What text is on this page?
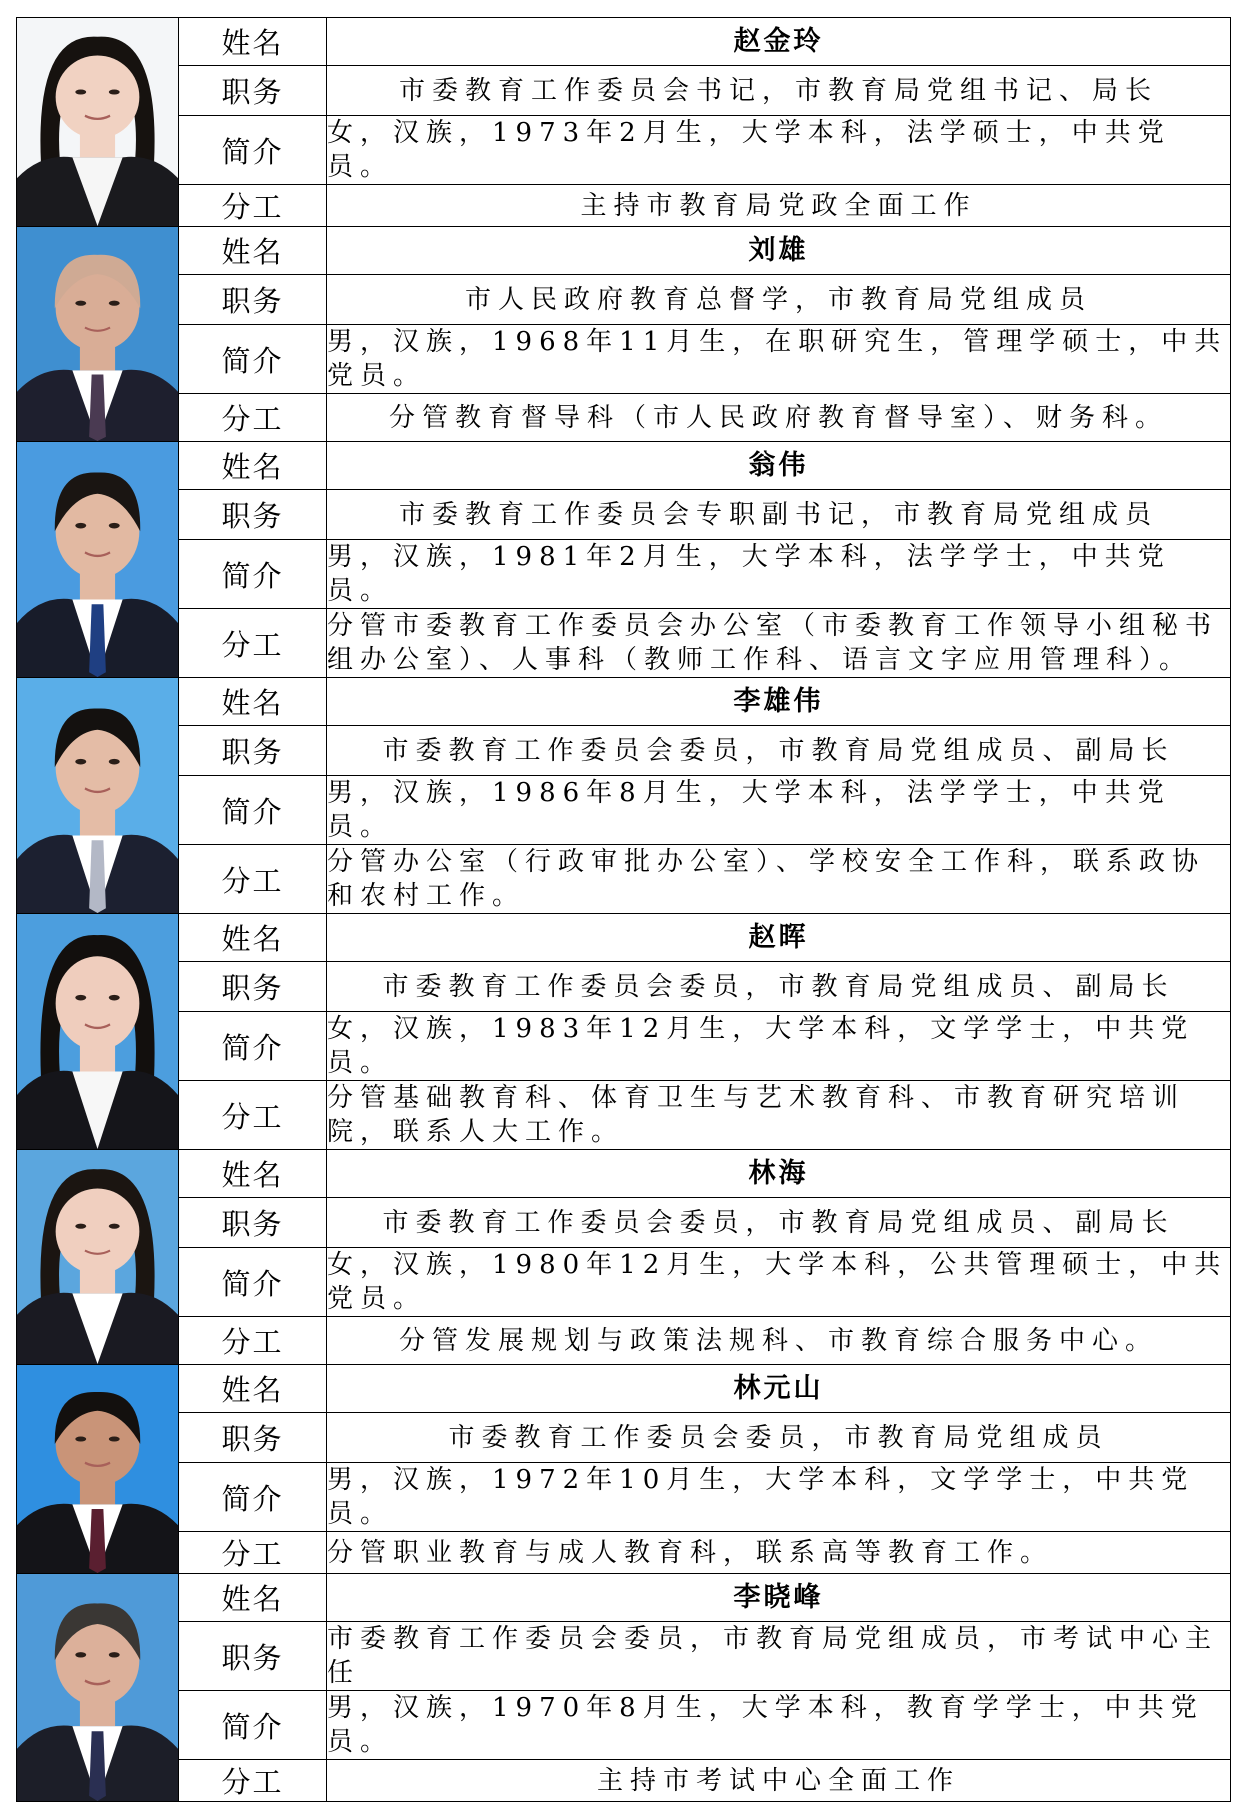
	姓名	赵金玲
	职务	市委教育工作委员会书记，市教育局党组书记、局长
	简介	女，汉族，1973年2月生，大学本科，法学硕士，中共党员。
	分工	主持市教育局党政全面工作

	姓名	刘雄
	职务	市人民政府教育总督学，市教育局党组成员
	简介	男，汉族，1968年11月生，在职研究生，管理学硕士，中共党员。
	分工	分管教育督导科（市人民政府教育督导室）、财务科。

	姓名	翁伟
	职务	市委教育工作委员会专职副书记，市教育局党组成员
	简介	男，汉族，1981年2月生，大学本科，法学学士，中共党员。
	分工	分管市委教育工作委员会办公室（市委教育工作领导小组秘书组办公室）、人事科（教师工作科、语言文字应用管理科）。

	姓名	李雄伟
	职务	市委教育工作委员会委员，市教育局党组成员、副局长
	简介	男，汉族，1986年8月生，大学本科，法学学士，中共党员。
	分工	分管办公室（行政审批办公室）、学校安全工作科，联系政协和农村工作。

	姓名	赵晖
	职务	市委教育工作委员会委员，市教育局党组成员、副局长
	简介	女，汉族，1983年12月生，大学本科，文学学士，中共党员。
	分工	分管基础教育科、体育卫生与艺术教育科、市教育研究培训院，联系人大工作。

	姓名	林海
	职务	市委教育工作委员会委员，市教育局党组成员、副局长
	简介	女，汉族，1980年12月生，大学本科，公共管理硕士，中共党员。
	分工	分管发展规划与政策法规科、市教育综合服务中心。

	姓名	林元山
	职务	市委教育工作委员会委员，市教育局党组成员
	简介	男，汉族，1972年10月生，大学本科，文学学士，中共党员。
	分工	分管职业教育与成人教育科，联系高等教育工作。

	姓名	李晓峰
	职务	市委教育工作委员会委员，市教育局党组成员，市考试中心主任
	简介	男，汉族，1970年8月生，大学本科，教育学学士，中共党员。
	分工	主持市考试中心全面工作
